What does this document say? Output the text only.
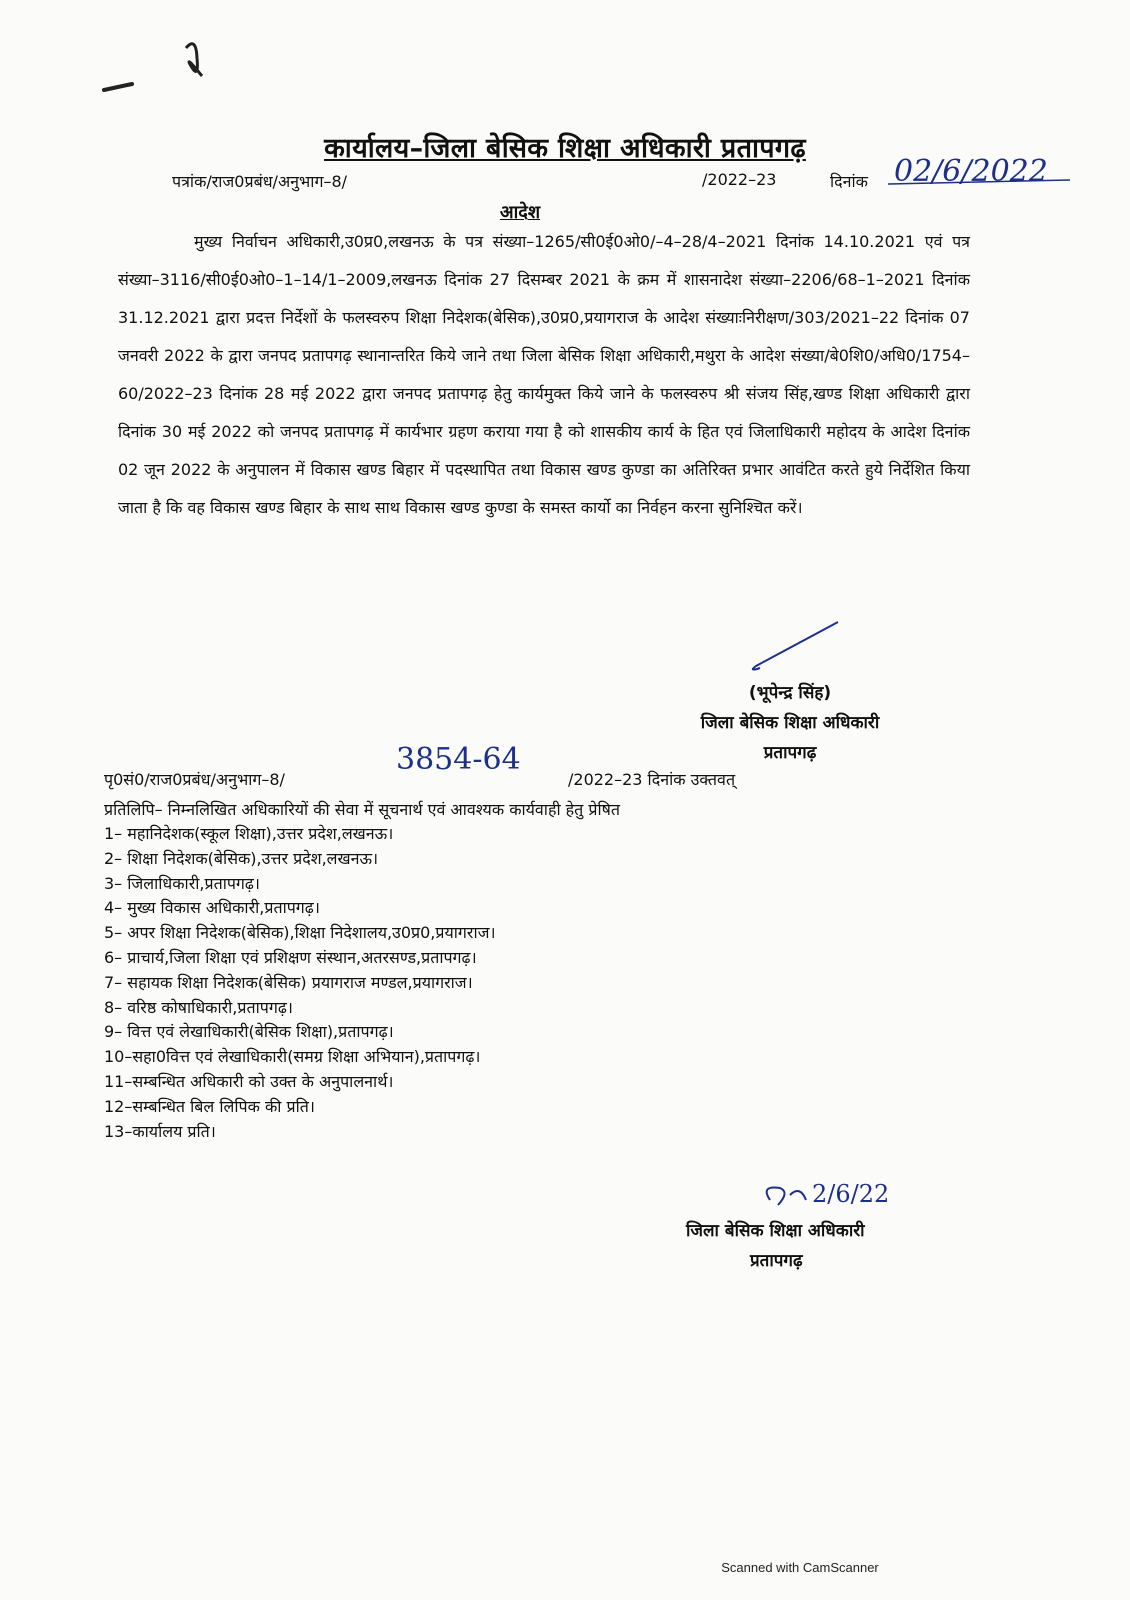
कार्यालय–जिला बेसिक शिक्षा अधिकारी प्रतापगढ़
पत्रांक/राज0प्रबंध/अनुभाग–8/	/2022–23	दिनांक 02/6/2022
आदेश

मुख्य निर्वाचन अधिकारी,उ0प्र0,लखनऊ के पत्र संख्या–1265/सी0ई0ओ0/–4–28/4–2021 दिनांक 14.10.2021 एवं पत्र संख्या–3116/सी0ई0ओ0–1–14/1–2009,लखनऊ दिनांक 27 दिसम्बर 2021 के क्रम में शासनादेश संख्या–2206/68–1–2021 दिनांक 31.12.2021 द्वारा प्रदत्त निर्देशों के फलस्वरुप शिक्षा निदेशक(बेसिक),उ0प्र0,प्रयागराज के आदेश संख्याःनिरीक्षण/303/2021–22 दिनांक 07 जनवरी 2022 के द्वारा जनपद प्रतापगढ़ स्थानान्तरित किये जाने तथा जिला बेसिक शिक्षा अधिकारी,मथुरा के आदेश संख्या/बे0शि0/अधि0/1754–60/2022–23 दिनांक 28 मई 2022 द्वारा जनपद प्रतापगढ़ हेतु कार्यमुक्त किये जाने के फलस्वरुप श्री संजय सिंह,खण्ड शिक्षा अधिकारी द्वारा दिनांक 30 मई 2022 को जनपद प्रतापगढ़ में कार्यभार ग्रहण कराया गया है को शासकीय कार्य के हित एवं जिलाधिकारी महोदय के आदेश दिनांक 02 जून 2022 के अनुपालन में विकास खण्ड बिहार में पदस्थापित तथा विकास खण्ड कुण्डा का अतिरिक्त प्रभार आवंटित करते हुये निर्देशित किया जाता है कि वह विकास खण्ड बिहार के साथ साथ विकास खण्ड कुण्डा के समस्त कार्यो का निर्वहन करना सुनिश्चित करें।

(भूपेन्द्र सिंह)
जिला बेसिक शिक्षा अधिकारी
प्रतापगढ़
पृ0सं0/राज0प्रबंध/अनुभाग–8/
3854-64
/2022–23 दिनांक उक्तवत्
प्रतिलिपि– निम्नलिखित अधिकारियों की सेवा में सूचनार्थ एवं आवश्यक कार्यवाही हेतु प्रेषित
1– महानिदेशक(स्कूल शिक्षा),उत्तर प्रदेश,लखनऊ।
2– शिक्षा निदेशक(बेसिक),उत्तर प्रदेश,लखनऊ।
3– जिलाधिकारी,प्रतापगढ़।
4– मुख्य विकास अधिकारी,प्रतापगढ़।
5– अपर शिक्षा निदेशक(बेसिक),शिक्षा निदेशालय,उ0प्र0,प्रयागराज।
6– प्राचार्य,जिला शिक्षा एवं प्रशिक्षण संस्थान,अतरसण्ड,प्रतापगढ़।
7– सहायक शिक्षा निदेशक(बेसिक) प्रयागराज मण्डल,प्रयागराज।
8– वरिष्ठ कोषाधिकारी,प्रतापगढ़।
9– वित्त एवं लेखाधिकारी(बेसिक शिक्षा),प्रतापगढ़।
10–सहा0वित्त एवं लेखाधिकारी(समग्र शिक्षा अभियान),प्रतापगढ़।
11–सम्बन्धित अधिकारी को उक्त के अनुपालनार्थ।
12–सम्बन्धित बिल लिपिक की प्रति।
13–कार्यालय प्रति।
2/6/22
जिला बेसिक शिक्षा अधिकारी
प्रतापगढ़
Scanned with CamScanner
